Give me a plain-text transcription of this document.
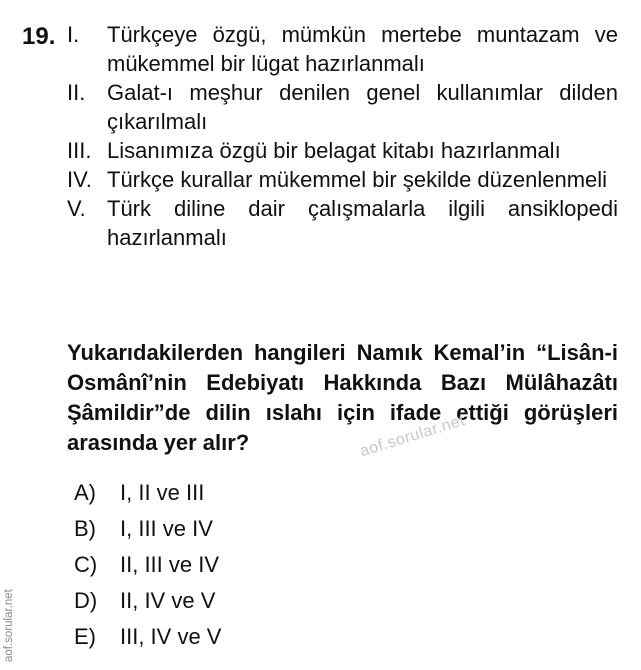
19. I.	Türkçeye özgü, mümkün mertebe muntazam ve mükemmel bir lügat hazırlanmalı
II. Galat-ı meşhur denilen genel kullanımlar dilden çıkarılmalı
III. Lisanımıza özgü bir belagat kitabı hazırlanmalı
IV. Türkçe kurallar mükemmel bir şekilde düzenlenmeli
V. Türk diline dair çalışmalarla ilgili ansiklopedi hazırlanmalı
Yukarıdakilerden hangileri Namık Kemal’in “Lisân-i Osmânî’nin Edebiyatı Hakkında Bazı Mülâhazâtı Şâmildir”de dilin ıslahı için ifade ettiği görüşleri arasında yer alır?	aof.sorular.net
A)	I, II ve III
B)	I, III ve IV
C)	II, III ve IV
D)	II, IV ve V
E)	III, IV ve V
aof.sorular.net
